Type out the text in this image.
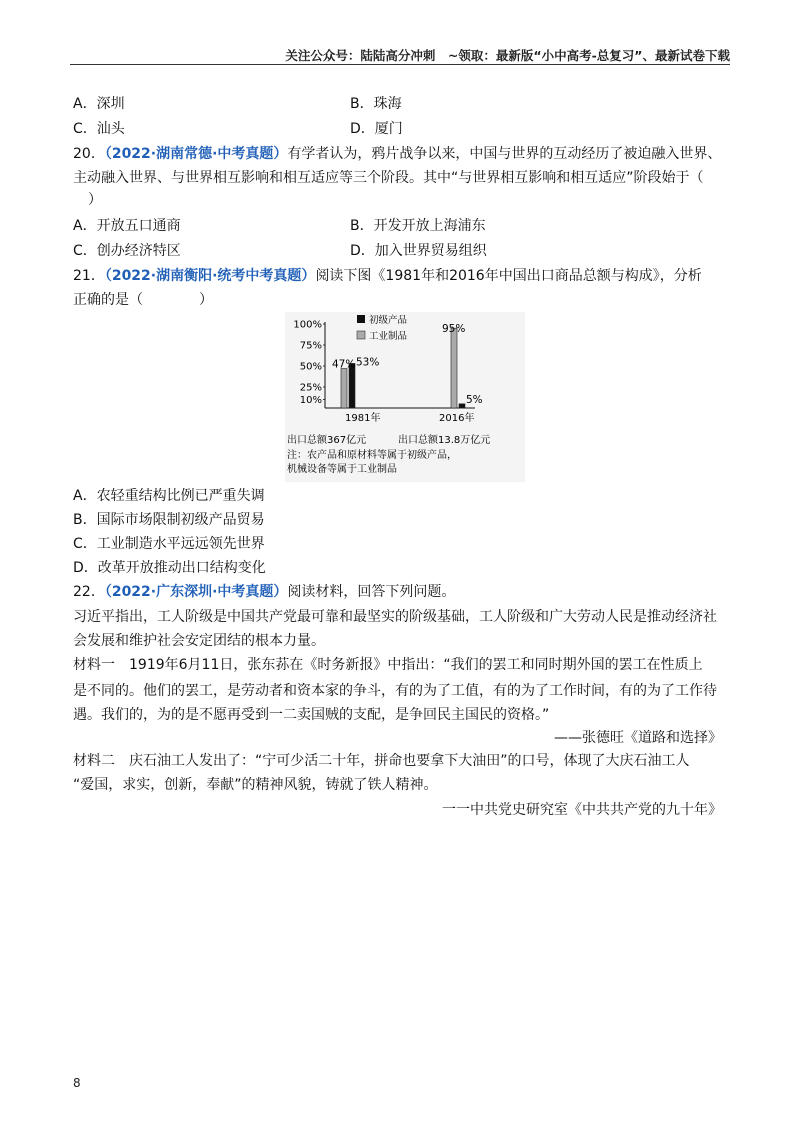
关注公众号：陆陆高分冲刺　~领取：最新版“小中高考-总复习”、最新试卷下载
A．深圳	B．珠海
C．汕头	D．厦门
20．（2022·湖南常德·中考真题）有学者认为，鸦片战争以来，中国与世界的互动经历了被迫融入世界、
主动融入世界、与世界相互影响和相互适应等三个阶段。其中“与世界相互影响和相互适应”阶段始于（
）
A．开放五口通商	B．开发开放上海浦东
C．创办经济特区	D．加入世界贸易组织
21．（2022·湖南衡阳·统考中考真题）阅读下图《1981年和2016年中国出口商品总额与构成》，分析
正确的是（　　　　）
100%
75%
50%
25%
10%
53%
47%
5%
95%
初级产品
工业制品
1981年	2016年
出口总额367亿元	出口总额13.8万亿元
注：农产品和原材料等属于初级产品，
机械设备等属于工业制品
A．农轻重结构比例已严重失调
B．国际市场限制初级产品贸易
C．工业制造水平远远领先世界
D．改革开放推动出口结构变化
22．（2022·广东深圳·中考真题）阅读材料，回答下列问题。
习近平指出，工人阶级是中国共产党最可靠和最坚实的阶级基础，工人阶级和广大劳动人民是推动经济社
会发展和维护社会安定团结的根本力量。
材料一　1919年6月11日，张东荪在《时务新报》中指出：“我们的罢工和同时期外国的罢工在性质上
是不同的。他们的罢工，是劳动者和资本家的争斗，有的为了工值，有的为了工作时间，有的为了工作待
遇。我们的，为的是不愿再受到一二卖国贼的支配，是争回民主国民的资格。”
——张德旺《道路和选择》
材料二　庆石油工人发出了：“宁可少活二十年，拼命也要拿下大油田”的口号，体现了大庆石油工人
“爱国，求实，创新，奉献”的精神风貌，铸就了铁人精神。
一一中共党史研究室《中共共产党的九十年》
8
